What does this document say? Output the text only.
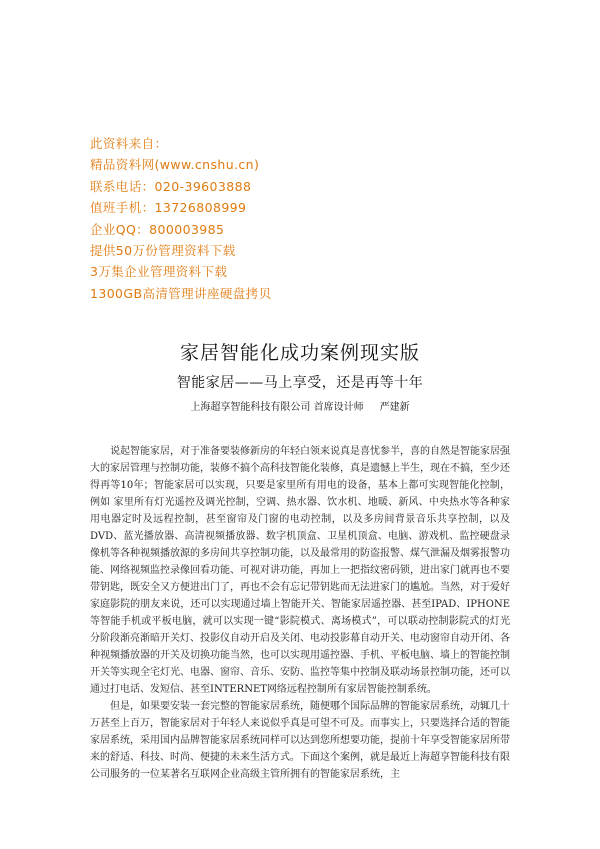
此资料来自：
精品资料网(www.cnshu.cn)
联系电话：020-39603888
值班手机：13726808999
企业QQ：800003985
提供50万份管理资料下载
3万集企业管理资料下载
1300GB高清管理讲座硬盘拷贝
家居智能化成功案例现实版
智能家居——马上享受，还是再等十年
上海超享智能科技有限公司 首席设计师 严建新

说起智能家居，对于准备要装修新房的年轻白领来说真是喜忧参半，喜的自然是智能家居强大的家居管理与控制功能，装修不搞个高科技智能化装修，真是遗憾上半生，现在不搞，至少还得再等10年；智能家居可以实现，只要是家里所有用电的设备，基本上都可实现智能化控制，例如 家里所有灯光遥控及调光控制，空调、热水器、饮水机、地暖、新风、中央热水等各种家用电器定时及远程控制，甚至窗帘及门窗的电动控制，以及多房间背景音乐共享控制，以及DVD、蓝光播放器、高清视频播放器、数字机顶盒、卫星机顶盒、电脑、游戏机、监控硬盘录像机等各种视频播放源的多房间共享控制功能，以及最常用的防盗报警、煤气泄漏及烟雾报警功能、网络视频监控录像回看功能、可视对讲功能，再加上一把指纹密码锁，进出家门就再也不要带钥匙，既安全又方便进出门了，再也不会有忘记带钥匙而无法进家门的尴尬。当然，对于爱好家庭影院的朋友来说，还可以实现通过墙上智能开关、智能家居遥控器、甚至IPAD、IPHONE等智能手机或平板电脑，就可以实现一键“影院模式、离场模式”，可以联动控制影院式的灯光分阶段渐亮渐暗开关灯、投影仪自动开启及关闭、电动投影幕自动开关、电动窗帘自动开闭、各种视频播放器的开关及切换功能当然，也可以实现用遥控器、手机、平板电脑、墙上的智能控制开关等实现全宅灯光、电器、窗帘、音乐、安防、监控等集中控制及联动场景控制功能，还可以通过打电话、发短信、甚至INTERNET网络远程控制所有家居智能控制系统。

但是，如果要安装一套完整的智能家居系统，随便哪个国际品牌的智能家居系统，动辄几十万甚至上百万，智能家居对于年轻人来说似乎真是可望不可及。而事实上，只要选择合适的智能家居系统，采用国内品牌智能家居系统同样可以达到您所想要功能，提前十年享受智能家居所带来的舒适、科技、时尚、便捷的未来生活方式。下面这个案例，就是最近上海超享智能科技有限公司服务的一位某著名互联网企业高级主管所拥有的智能家居系统，主
